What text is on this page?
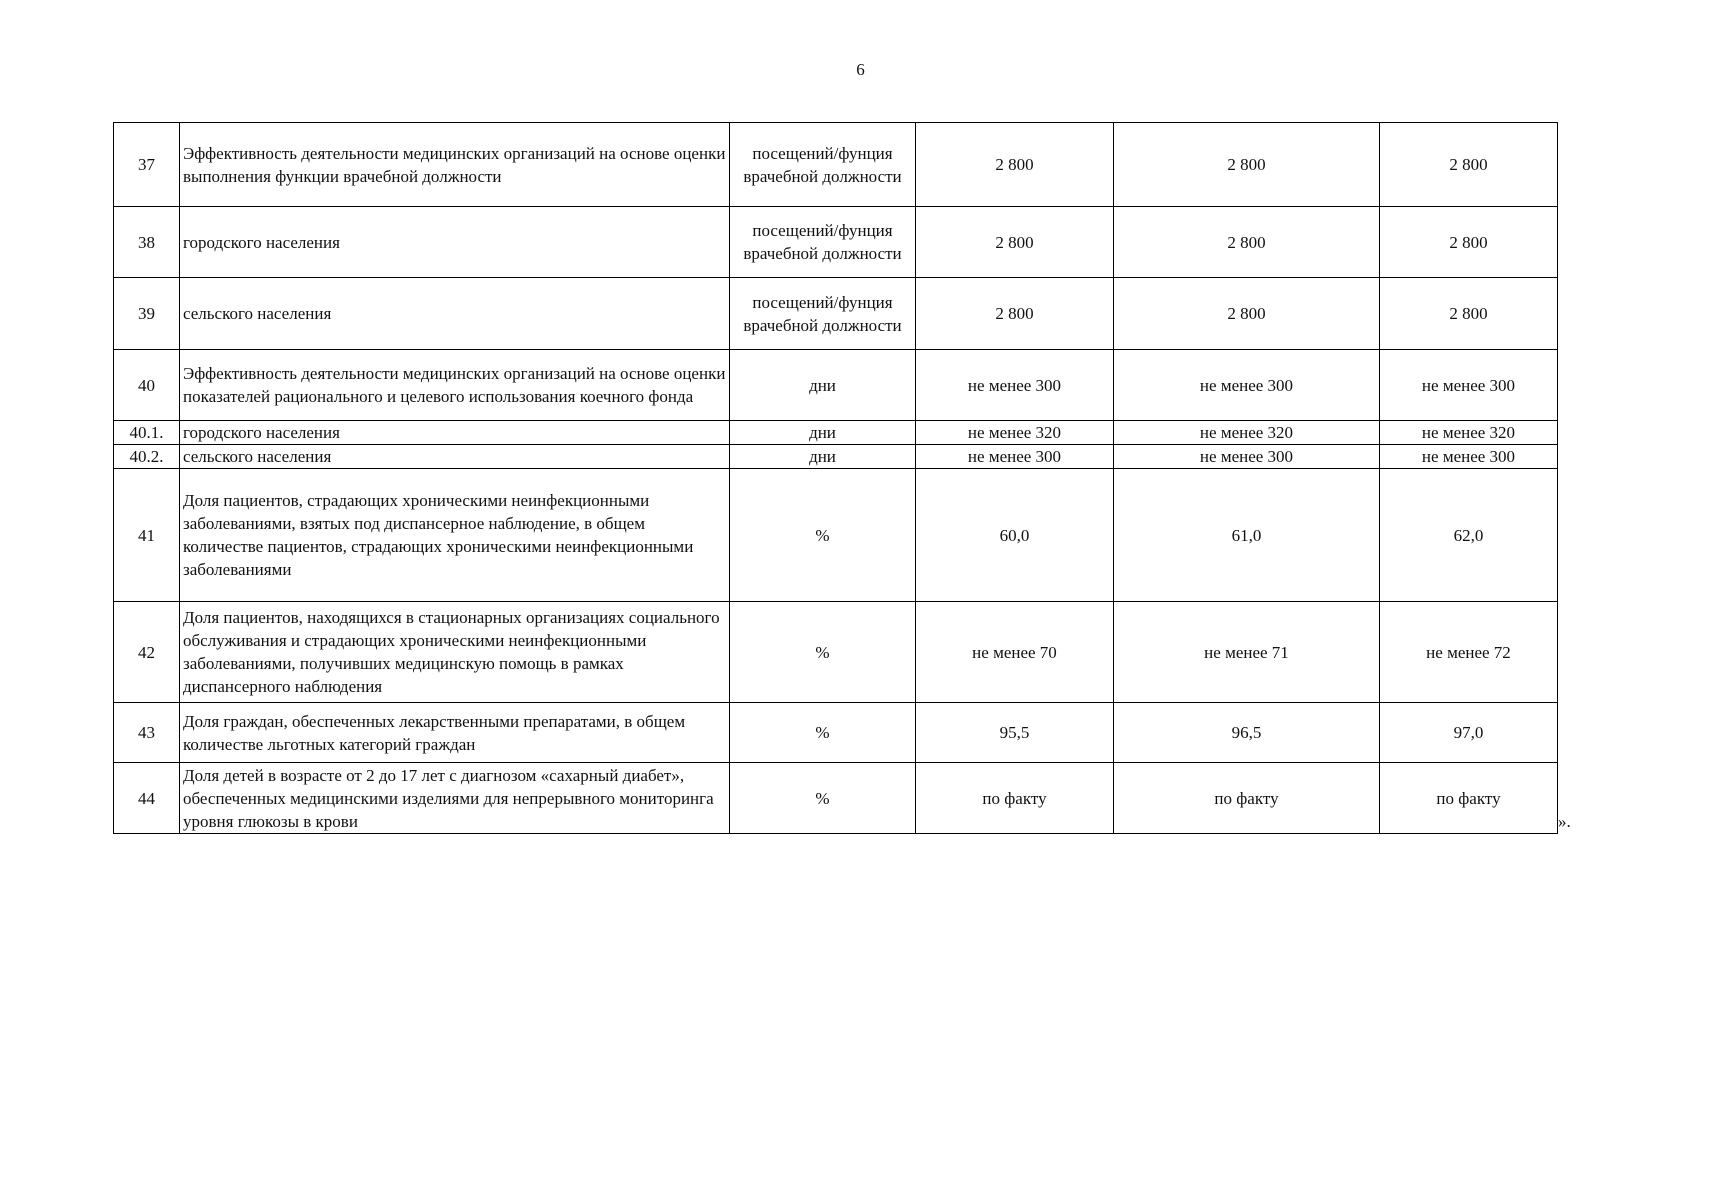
6
37	Эффективность деятельности медицинских организаций на основе оценки выполнения функции врачебной должности	посещений/фунция врачебной должности	2 800	2 800	2 800
38	городского населения	посещений/фунция врачебной должности	2 800	2 800	2 800
39	сельского населения	посещений/фунция врачебной должности	2 800	2 800	2 800
40	Эффективность деятельности медицинских организаций на основе оценки показателей рационального и целевого использования коечного фонда	дни	не менее 300	не менее 300	не менее 300
40.1.	городского населения	дни	не менее 320	не менее 320	не менее 320
40.2.	сельского населения	дни	не менее 300	не менее 300	не менее 300
41	Доля пациентов, страдающих хроническими неинфекционными заболеваниями, взятых под диспансерное наблюдение, в общем количестве пациентов, страдающих хроническими неинфекционными заболеваниями	%	60,0	61,0	62,0
42	Доля пациентов, находящихся в стационарных организациях социального обслуживания и страдающих хроническими неинфекционными заболеваниями, получивших медицинскую помощь в рамках диспансерного наблюдения	%	не менее 70	не менее 71	не менее 72
43	Доля граждан, обеспеченных лекарственными препаратами, в общем количестве льготных категорий граждан	%	95,5	96,5	97,0
44	Доля детей в возрасте от 2 до 17 лет с диагнозом «сахарный диабет», обеспеченных медицинскими изделиями для непрерывного мониторинга уровня глюкозы в крови	%	по факту	по факту	по факту
».
